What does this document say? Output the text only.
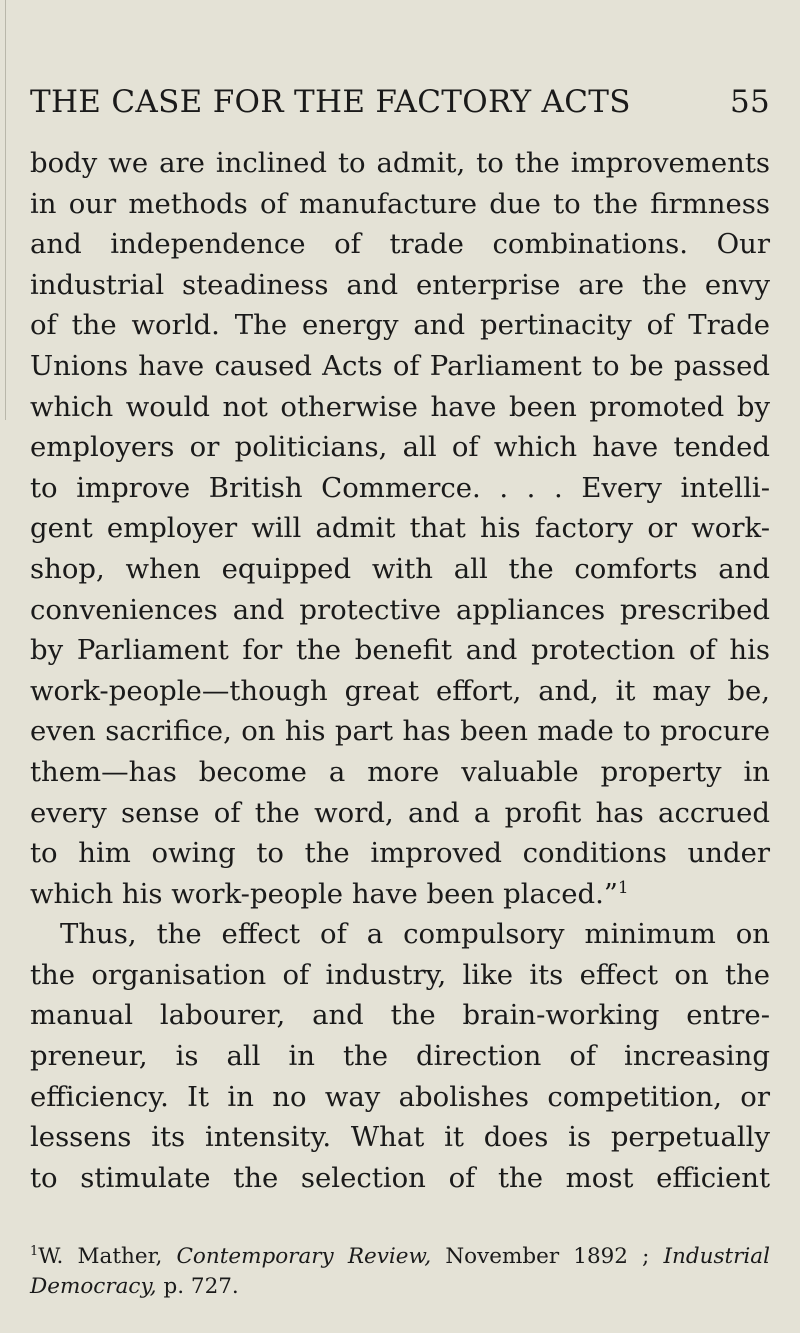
THE CASE FOR THE FACTORY ACTS	55
body we are inclined to admit, to the improvements
in our methods of manufacture due to the firmness
and independence of trade combinations. Our
industrial steadiness and enterprise are the envy
of the world. The energy and pertinacity of Trade
Unions have caused Acts of Parliament to be passed
which would not otherwise have been promoted by
employers or politicians, all of which have tended
to improve British Commerce. . . . Every intelli-
gent employer will admit that his factory or work-
shop, when equipped with all the comforts and
conveniences and protective appliances prescribed
by Parliament for the benefit and protection of his
work-people—though great effort, and, it may be,
even sacrifice, on his part has been made to procure
them—has become a more valuable property in
every sense of the word, and a profit has accrued
to him owing to the improved conditions under
which his work-people have been placed.”$^1$
Thus, the effect of a compulsory minimum on
the organisation of industry, like its effect on the
manual labourer, and the brain-working entre-
preneur, is all in the direction of increasing
efficiency. It in no way abolishes competition, or
lessens its intensity. What it does is perpetually
to stimulate the selection of the most efficient
$^1$W. Mather, Contemporary Review, November 1892 ; Industrial
Democracy, p. 727.
